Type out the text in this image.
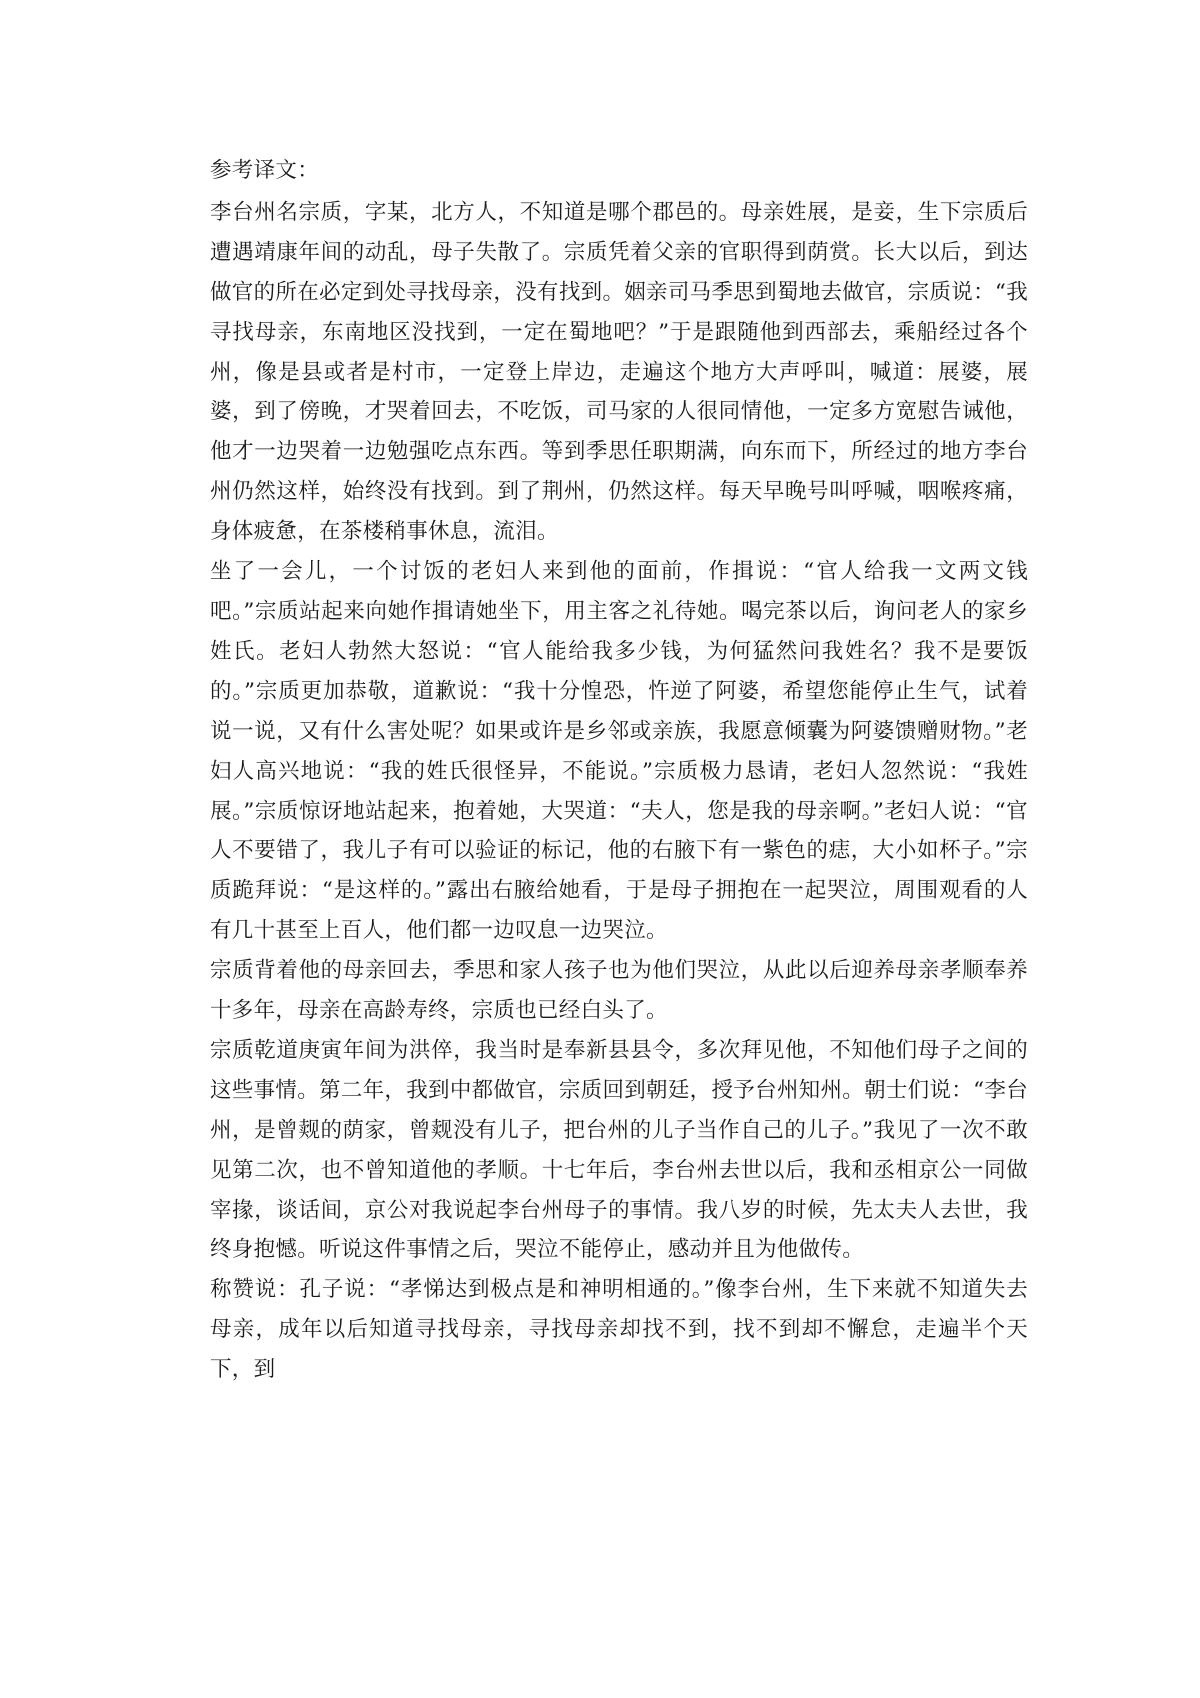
参考译文：

李台州名宗质，字某，北方人，不知道是哪个郡邑的。母亲姓展，是妾，生下宗质后遭遇靖康年间的动乱，母子失散了。宗质凭着父亲的官职得到荫赏。长大以后，到达做官的所在必定到处寻找母亲，没有找到。姻亲司马季思到蜀地去做官，宗质说：“我寻找母亲，东南地区没找到，一定在蜀地吧？”于是跟随他到西部去，乘船经过各个州，像是县或者是村市，一定登上岸边，走遍这个地方大声呼叫，喊道：展婆，展婆，到了傍晚，才哭着回去，不吃饭，司马家的人很同情他，一定多方宽慰告诫他，他才一边哭着一边勉强吃点东西。等到季思任职期满，向东而下，所经过的地方李台州仍然这样，始终没有找到。到了荆州，仍然这样。每天早晚号叫呼喊，咽喉疼痛，身体疲惫，在茶楼稍事休息，流泪。

坐了一会儿，一个讨饭的老妇人来到他的面前，作揖说：“官人给我一文两文钱吧。”宗质站起来向她作揖请她坐下，用主客之礼待她。喝完茶以后，询问老人的家乡姓氏。老妇人勃然大怒说：“官人能给我多少钱，为何猛然问我姓名？我不是要饭的。”宗质更加恭敬，道歉说：“我十分惶恐，忤逆了阿婆，希望您能停止生气，试着说一说，又有什么害处呢？如果或许是乡邻或亲族，我愿意倾囊为阿婆馈赠财物。”老妇人高兴地说：“我的姓氏很怪异，不能说。”宗质极力恳请，老妇人忽然说：“我姓展。”宗质惊讶地站起来，抱着她，大哭道：“夫人，您是我的母亲啊。”老妇人说：“官人不要错了，我儿子有可以验证的标记，他的右腋下有一紫色的痣，大小如杯子。”宗质跪拜说：“是这样的。”露出右腋给她看，于是母子拥抱在一起哭泣，周围观看的人有几十甚至上百人，他们都一边叹息一边哭泣。

宗质背着他的母亲回去，季思和家人孩子也为他们哭泣，从此以后迎养母亲孝顺奉养十多年，母亲在高龄寿终，宗质也已经白头了。

宗质乾道庚寅年间为洪倅，我当时是奉新县县令，多次拜见他，不知他们母子之间的这些事情。第二年，我到中都做官，宗质回到朝廷，授予台州知州。朝士们说：“李台州，是曾觌的荫家，曾觌没有儿子，把台州的儿子当作自己的儿子。”我见了一次不敢见第二次，也不曾知道他的孝顺。十七年后，李台州去世以后，我和丞相京公一同做宰掾，谈话间，京公对我说起李台州母子的事情。我八岁的时候，先太夫人去世，我终身抱憾。听说这件事情之后，哭泣不能停止，感动并且为他做传。

称赞说：孔子说：“孝悌达到极点是和神明相通的。”像李台州，生下来就不知道失去母亲，成年以后知道寻找母亲，寻找母亲却找不到，找不到却不懈怠，走遍半个天下，到
